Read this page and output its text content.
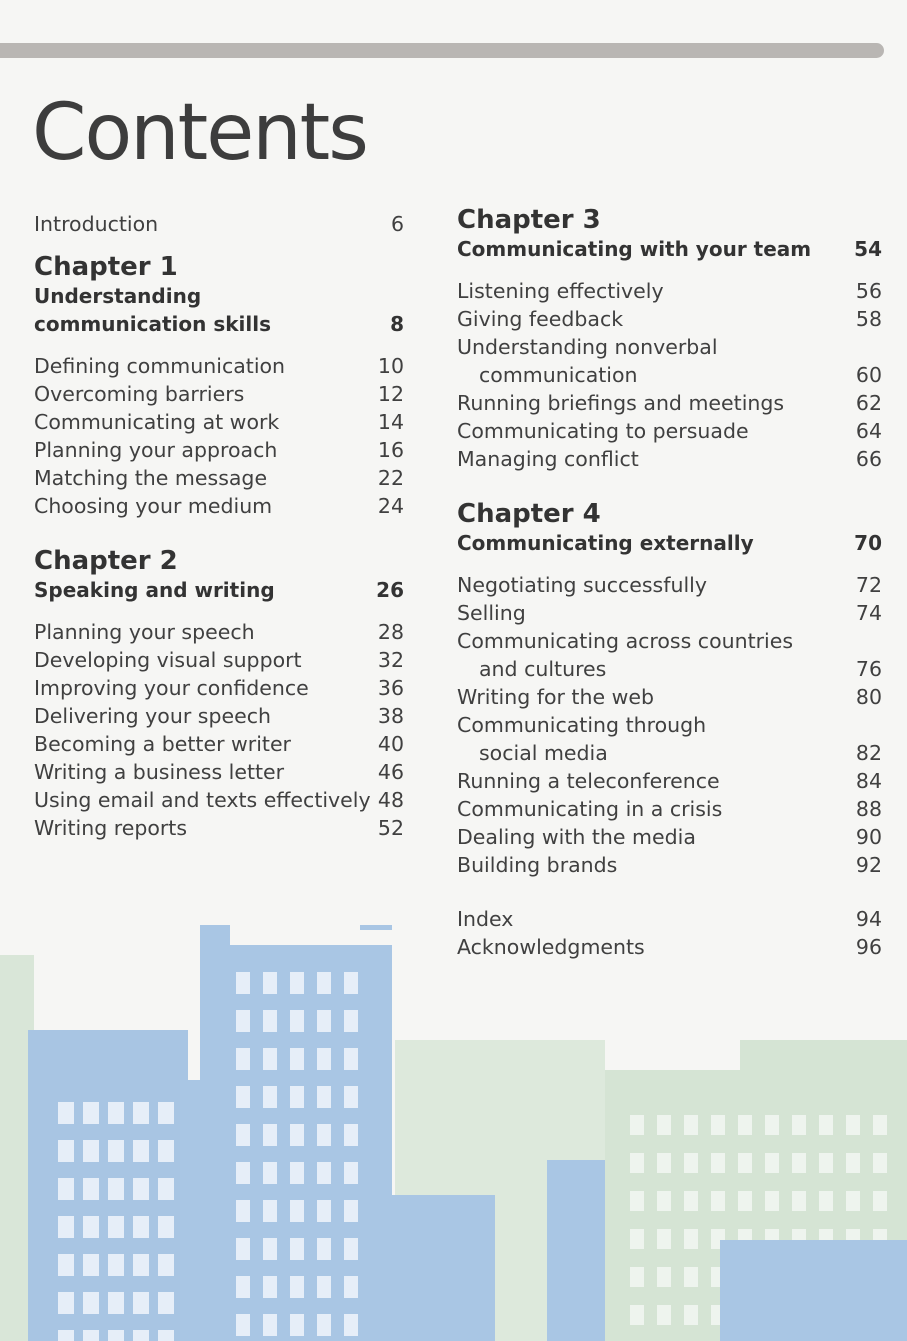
Contents
Introduction	6
Chapter 1
Understanding
communication skills	8
Defining communication	10
Overcoming barriers	12
Communicating at work	14
Planning your approach	16
Matching the message	22
Choosing your medium	24
Chapter 2
Speaking and writing	26
Planning your speech	28
Developing visual support	32
Improving your confidence	36
Delivering your speech	38
Becoming a better writer	40
Writing a business letter	46
Using email and texts effectively 48
Writing reports	52
Chapter 3
Communicating with your team 54
Listening effectively	56
Giving feedback	58
Understanding nonverbal
communication	60
Running briefings and meetings	62
Communicating to persuade	64
Managing conflict	66
Chapter 4
Communicating externally	70
Negotiating successfully	72
Selling	74
Communicating across countries
and cultures	76
Writing for the web	80
Communicating through
social media	82
Running a teleconference	84
Communicating in a crisis	88
Dealing with the media	90
Building brands	92
Index	94
Acknowledgments	96
